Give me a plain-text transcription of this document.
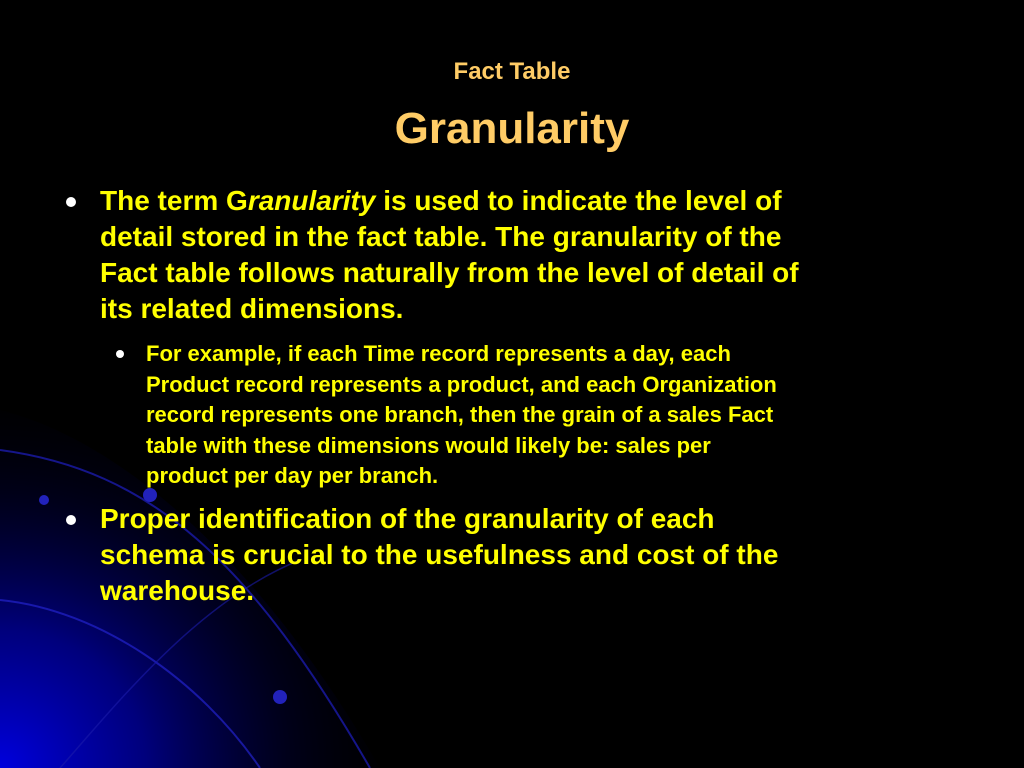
Fact Table
Granularity
The term Granularity is used to indicate the level of
detail stored in the fact table. The granularity of the
Fact table follows naturally from the level of detail of
its related dimensions.
For example, if each Time record represents a day, each
Product record represents a product, and each Organization
record represents one branch, then the grain of a sales Fact
table with these dimensions would likely be: sales per
product per day per branch.
Proper identification of the granularity of each
schema is crucial to the usefulness and cost of the
warehouse.
